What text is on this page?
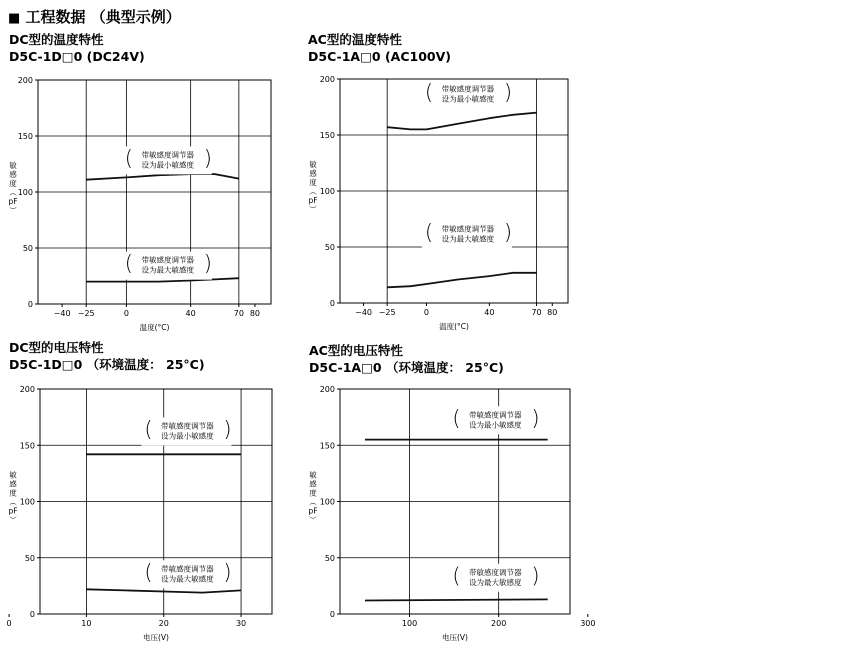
■ 工程数据 （典型示例）
DC型的温度特性
D5C-1D□0 (DC24V)
0
50
100
150
200
−40 −25	0	40	70 80
温度(°C)
敏
感
度
︵
pF
︶
( 带敏感度调节器
设为最小敏感度 )
( 带敏感度调节器
设为最大敏感度 )
AC型的温度特性
D5C-1A□0 (AC100V)
0
50
100
150
200
−40 −25	0	40	70 80
温度(°C)
敏
感
度
︵
pF
︶
( 带敏感度调节器
设为最小敏感度 )
( 带敏感度调节器
设为最大敏感度 )
DC型的电压特性
D5C-1D□0 （环境温度： 25°C)
0
50
100
150
200
0	10	20	30
电压(V)
敏
感
度
︵
pF
︶
( 带敏感度调节器
设为最小敏感度 )
( 带敏感度调节器
设为最大敏感度 )
AC型的电压特性
D5C-1A□0 （环境温度： 25°C)
0
50
100
150
200
100	200	300
电压(V)
敏
感
度
︵
pF
︶
( 带敏感度调节器
设为最小敏感度 )
( 带敏感度调节器
设为最大敏感度 )
